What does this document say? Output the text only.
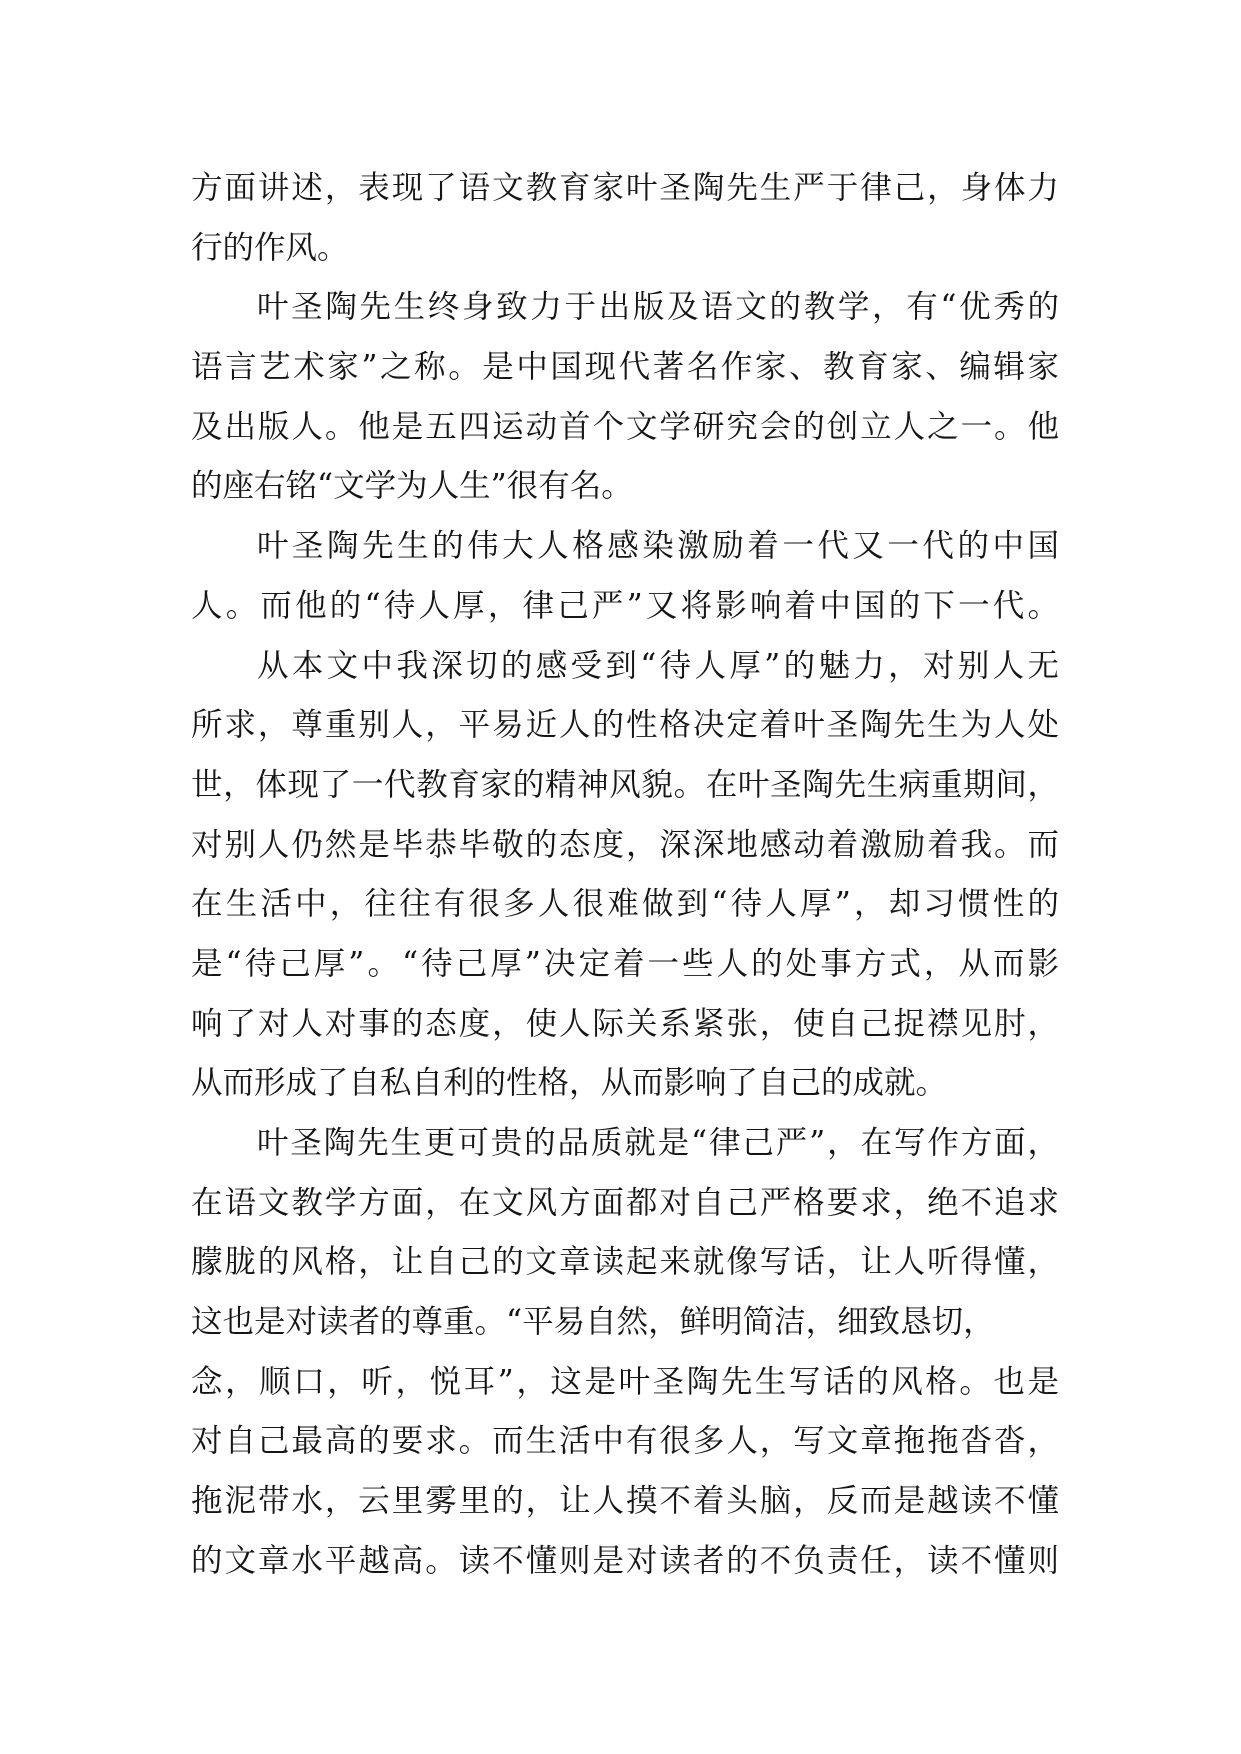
方面讲述，表现了语文教育家叶圣陶先生严于律己，身体力
行的作风。
叶圣陶先生终身致力于出版及语文的教学，有“优秀的
语言艺术家”之称。是中国现代著名作家、教育家、编辑家
及出版人。他是五四运动首个文学研究会的创立人之一。他
的座右铭“文学为人生”很有名。
叶圣陶先生的伟大人格感染激励着一代又一代的中国
人。而他的“待人厚，律己严”又将影响着中国的下一代。
从本文中我深切的感受到“待人厚”的魅力，对别人无
所求，尊重别人，平易近人的性格决定着叶圣陶先生为人处
世，体现了一代教育家的精神风貌。在叶圣陶先生病重期间，
对别人仍然是毕恭毕敬的态度，深深地感动着激励着我。而
在生活中，往往有很多人很难做到“待人厚”，却习惯性的
是“待己厚”。“待己厚”决定着一些人的处事方式，从而影
响了对人对事的态度，使人际关系紧张，使自己捉襟见肘，
从而形成了自私自利的性格，从而影响了自己的成就。
叶圣陶先生更可贵的品质就是“律己严”，在写作方面，
在语文教学方面，在文风方面都对自己严格要求，绝不追求
朦胧的风格，让自己的文章读起来就像写话，让人听得懂，
这也是对读者的尊重。“平易自然，鲜明简洁，细致恳切，
念，顺口，听，悦耳”，这是叶圣陶先生写话的风格。也是
对自己最高的要求。而生活中有很多人，写文章拖拖沓沓，
拖泥带水，云里雾里的，让人摸不着头脑，反而是越读不懂
的文章水平越高。读不懂则是对读者的不负责任，读不懂则
